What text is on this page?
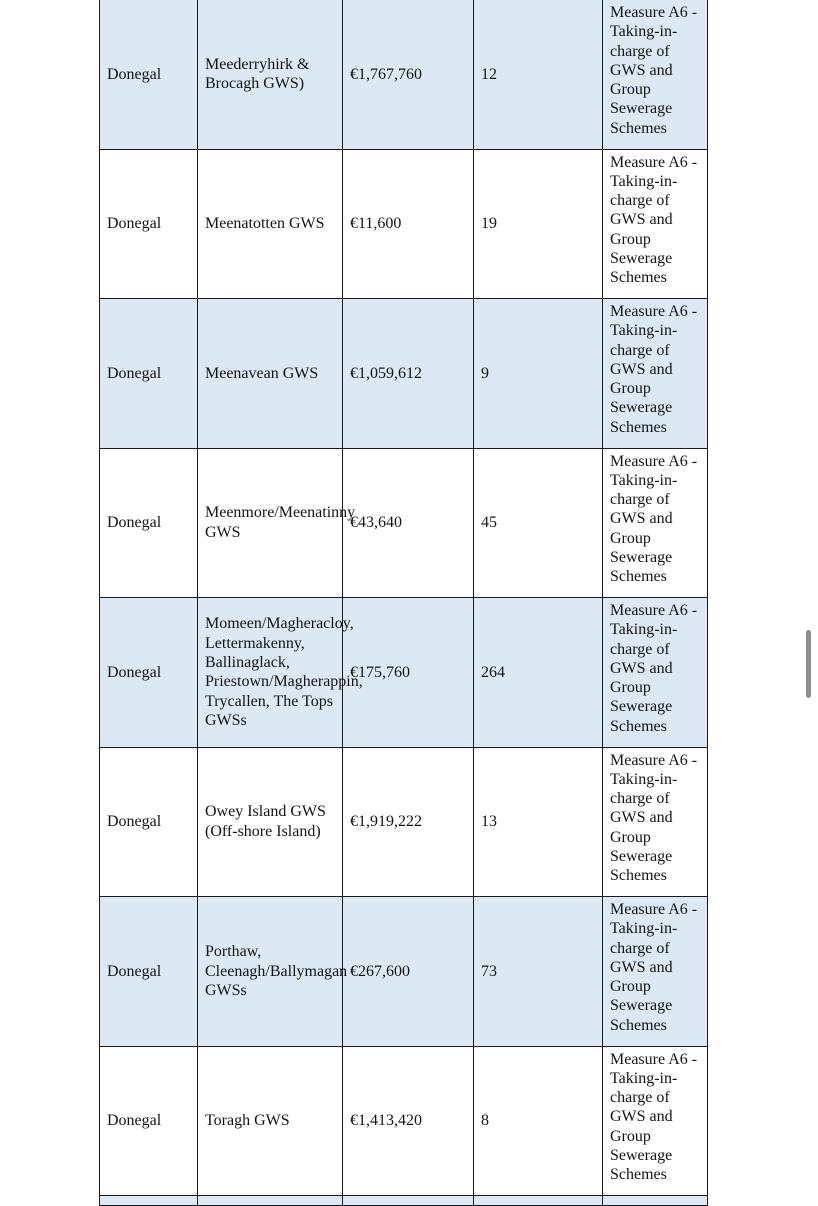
Donegal	Meederryhirk & Brocagh GWS)	€1,767,760	12	Measure A6 - Taking-in-charge of GWS and Group Sewerage Schemes
Donegal	Meenatotten GWS	€11,600	19	Measure A6 - Taking-in-charge of GWS and Group Sewerage Schemes
Donegal	Meenavean GWS	€1,059,612	9	Measure A6 - Taking-in-charge of GWS and Group Sewerage Schemes
Donegal	Meenmore/Meenatinny GWS	€43,640	45	Measure A6 - Taking-in-charge of GWS and Group Sewerage Schemes
Donegal	Momeen/Magheracloy, Lettermakenny, Ballinaglack, Priestown/Magherappin, Trycallen, The Tops GWSs	€175,760	264	Measure A6 - Taking-in-charge of GWS and Group Sewerage Schemes
Donegal	Owey Island GWS (Off-shore Island)	€1,919,222	13	Measure A6 - Taking-in-charge of GWS and Group Sewerage Schemes
Donegal	Porthaw, Cleenagh/Ballymagan GWSs	€267,600	73	Measure A6 - Taking-in-charge of GWS and Group Sewerage Schemes
Donegal	Toragh GWS	€1,413,420	8	Measure A6 - Taking-in-charge of GWS and Group Sewerage Schemes
